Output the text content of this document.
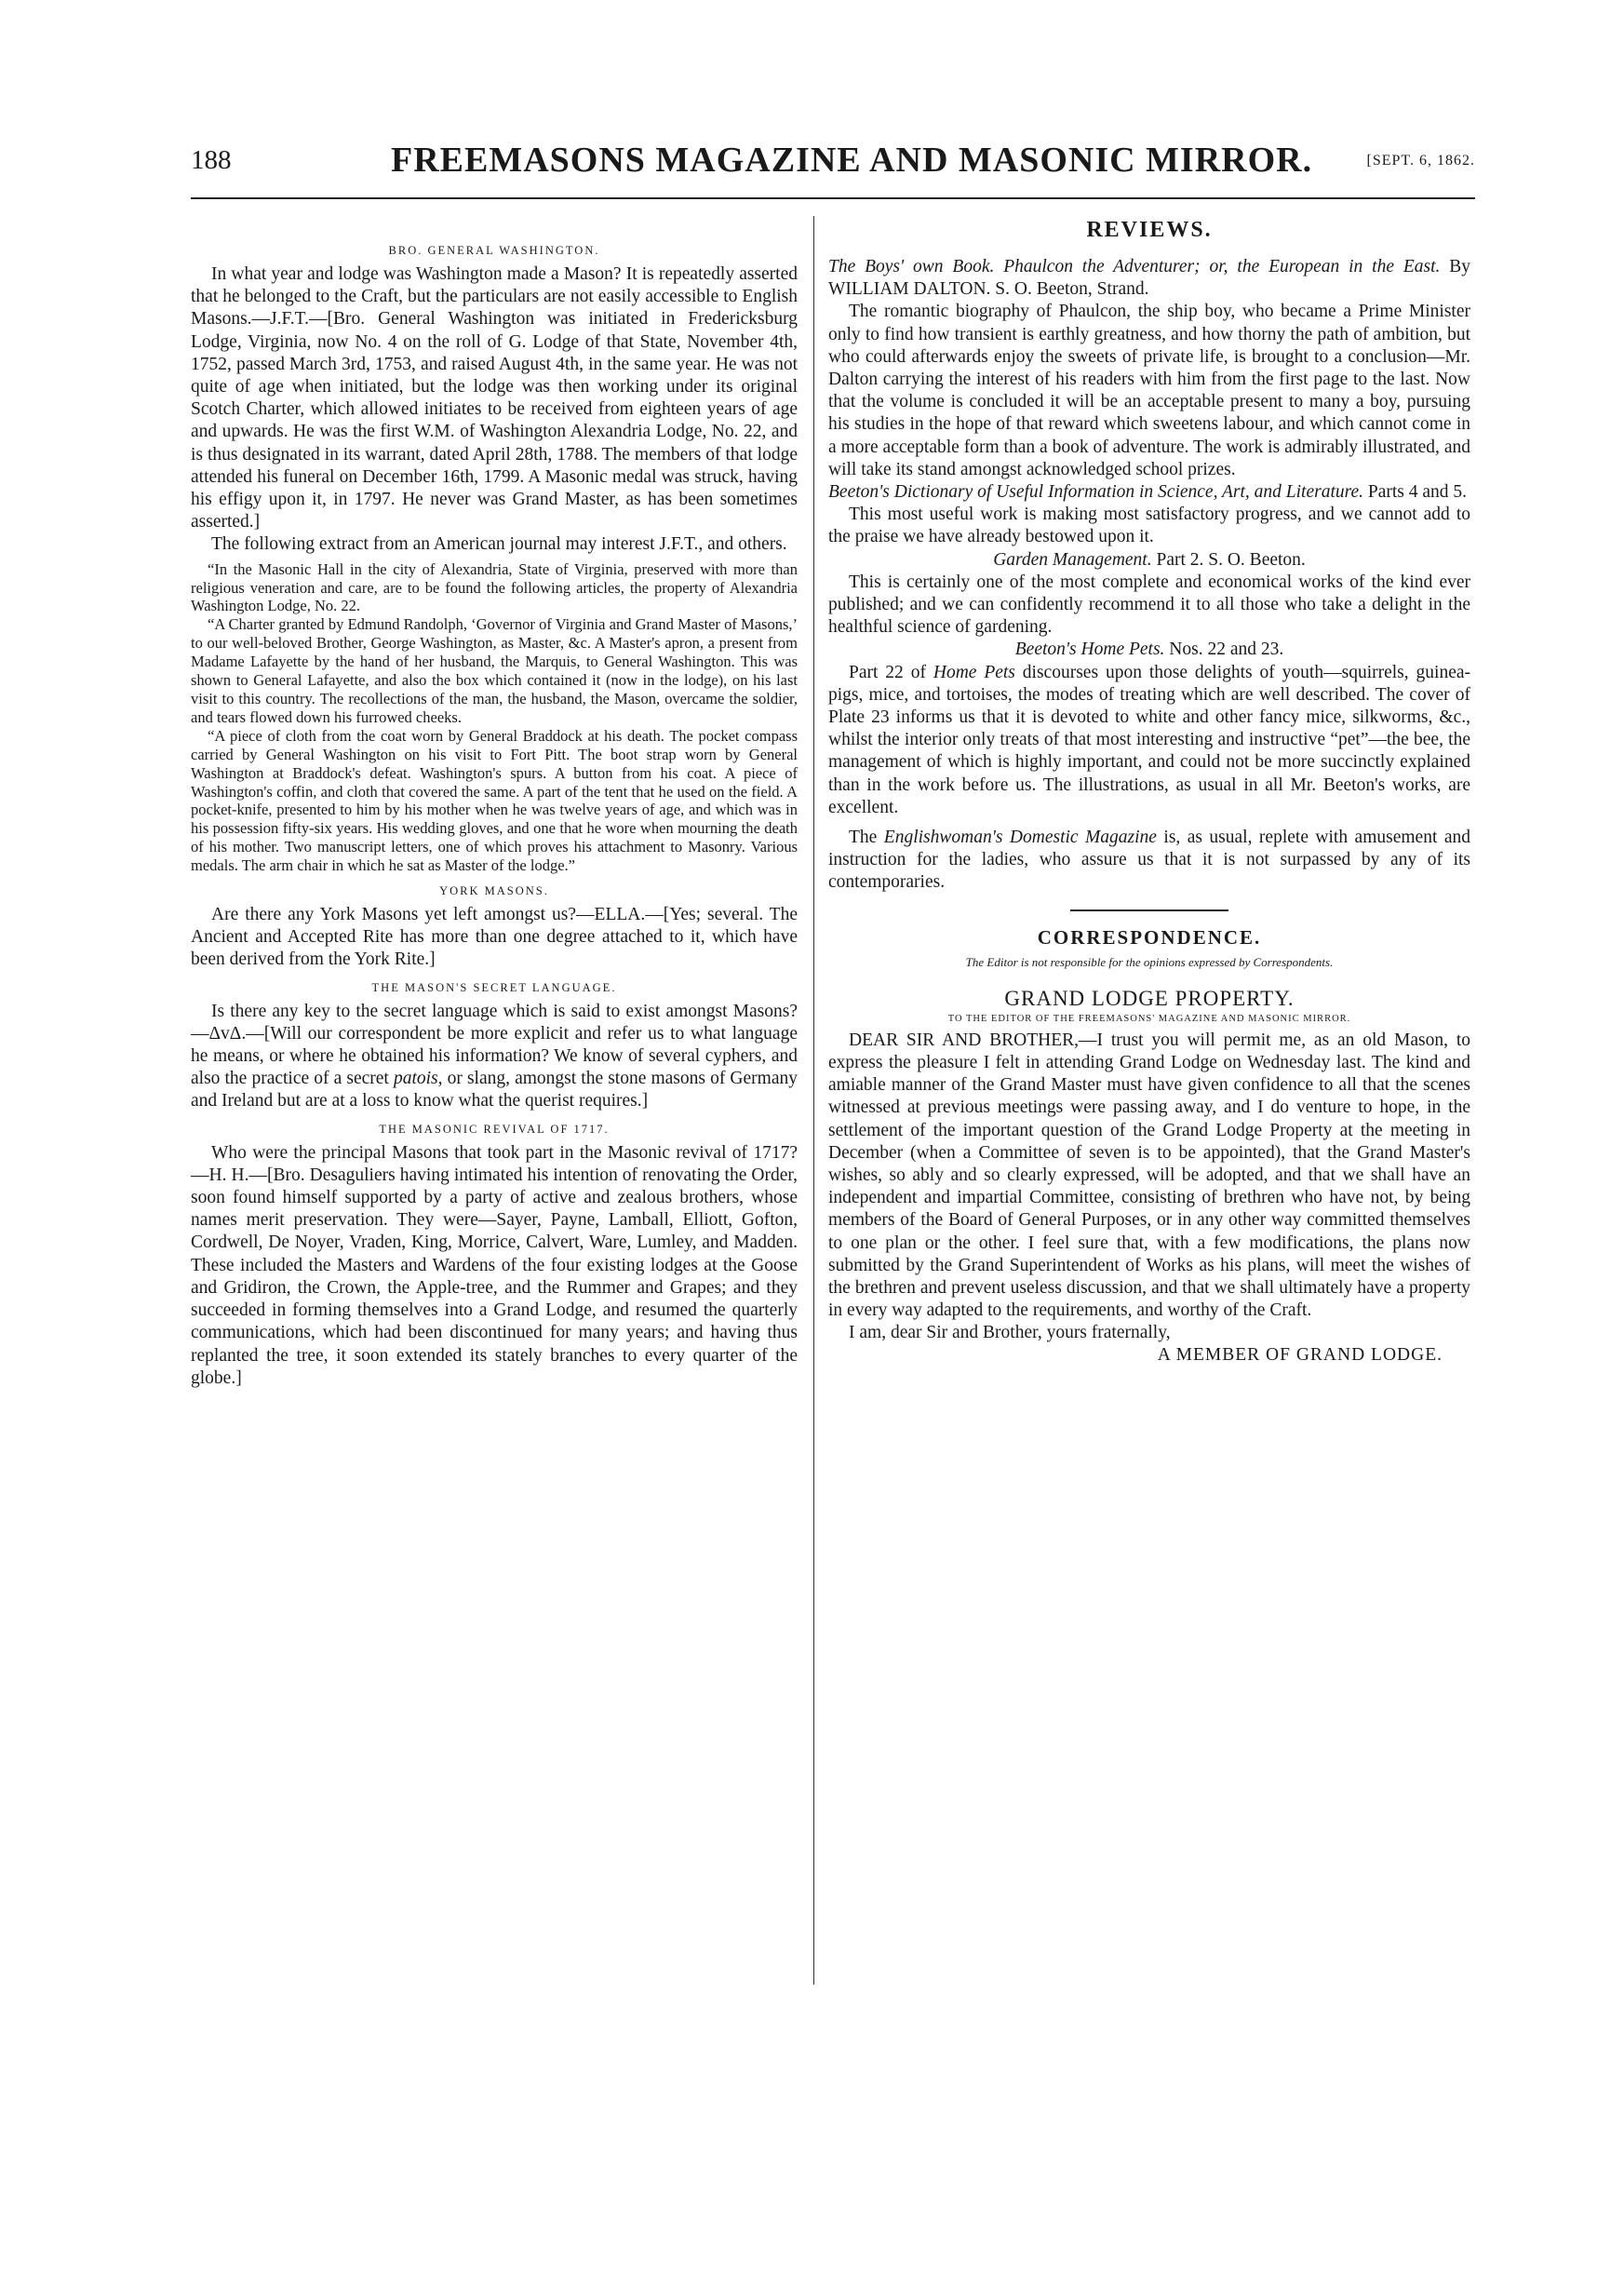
188	FREEMASONS MAGAZINE AND MASONIC MIRROR.	[SEPT. 6, 1862.
BRO. GENERAL WASHINGTON.

In what year and lodge was Washington made a Mason? It is repeatedly asserted that he belonged to the Craft, but the particulars are not easily accessible to English Masons.—J.F.T.—[Bro. General Washington was initiated in Fredericksburg Lodge, Virginia, now No. 4 on the roll of G. Lodge of that State, November 4th, 1752, passed March 3rd, 1753, and raised August 4th, in the same year. He was not quite of age when initiated, but the lodge was then working under its original Scotch Charter, which allowed initiates to be received from eighteen years of age and upwards. He was the first W.M. of Washington Alexandria Lodge, No. 22, and is thus designated in its warrant, dated April 28th, 1788. The members of that lodge attended his funeral on December 16th, 1799. A Masonic medal was struck, having his effigy upon it, in 1797. He never was Grand Master, as has been sometimes asserted.]

The following extract from an American journal may interest J.F.T., and others.

“In the Masonic Hall in the city of Alexandria, State of Virginia, preserved with more than religious veneration and care, are to be found the following articles, the property of Alexandria Washington Lodge, No. 22.

“A Charter granted by Edmund Randolph, ‘Governor of Virginia and Grand Master of Masons,’ to our well-beloved Brother, George Washington, as Master, &c. A Master's apron, a present from Madame Lafayette by the hand of her husband, the Marquis, to General Washington. This was shown to General Lafayette, and also the box which contained it (now in the lodge), on his last visit to this country. The recollections of the man, the husband, the Mason, overcame the soldier, and tears flowed down his furrowed cheeks.

“A piece of cloth from the coat worn by General Braddock at his death. The pocket compass carried by General Washington on his visit to Fort Pitt. The boot strap worn by General Washington at Braddock's defeat. Washington's spurs. A button from his coat. A piece of Washington's coffin, and cloth that covered the same. A part of the tent that he used on the field. A pocket-knife, presented to him by his mother when he was twelve years of age, and which was in his possession fifty-six years. His wedding gloves, and one that he wore when mourning the death of his mother. Two manuscript letters, one of which proves his attachment to Masonry. Various medals. The arm chair in which he sat as Master of the lodge.”

YORK MASONS.

Are there any York Masons yet left amongst us?—ELLA.—[Yes; several. The Ancient and Accepted Rite has more than one degree attached to it, which have been derived from the York Rite.]

THE MASON'S SECRET LANGUAGE.

Is there any key to the secret language which is said to exist amongst Masons?—ΔvΔ.—[Will our correspondent be more explicit and refer us to what language he means, or where he obtained his information? We know of several cyphers, and also the practice of a secret patois, or slang, amongst the stone masons of Germany and Ireland but are at a loss to know what the querist requires.]

THE MASONIC REVIVAL OF 1717.

Who were the principal Masons that took part in the Masonic revival of 1717?—H. H.—[Bro. Desaguliers having intimated his intention of renovating the Order, soon found himself supported by a party of active and zealous brothers, whose names merit preservation. They were—Sayer, Payne, Lamball, Elliott, Gofton, Cordwell, De Noyer, Vraden, King, Morrice, Calvert, Ware, Lumley, and Madden. These included the Masters and Wardens of the four existing lodges at the Goose and Gridiron, the Crown, the Apple-tree, and the Rummer and Grapes; and they succeeded in forming themselves into a Grand Lodge, and resumed the quarterly communications, which had been discontinued for many years; and having thus replanted the tree, it soon extended its stately branches to every quarter of the globe.]

REVIEWS.

The Boys' own Book. Phaulcon the Adventurer; or, the European in the East. By WILLIAM DALTON. S. O. Beeton, Strand.

The romantic biography of Phaulcon, the ship boy, who became a Prime Minister only to find how transient is earthly greatness, and how thorny the path of ambition, but who could afterwards enjoy the sweets of private life, is brought to a conclusion—Mr. Dalton carrying the interest of his readers with him from the first page to the last. Now that the volume is concluded it will be an acceptable present to many a boy, pursuing his studies in the hope of that reward which sweetens labour, and which cannot come in a more acceptable form than a book of adventure. The work is admirably illustrated, and will take its stand amongst acknowledged school prizes.

Beeton's Dictionary of Useful Information in Science, Art, and Literature. Parts 4 and 5.

This most useful work is making most satisfactory progress, and we cannot add to the praise we have already bestowed upon it.

Garden Management. Part 2. S. O. Beeton.

This is certainly one of the most complete and economical works of the kind ever published; and we can confidently recommend it to all those who take a delight in the healthful science of gardening.

Beeton's Home Pets. Nos. 22 and 23.

Part 22 of Home Pets discourses upon those delights of youth—squirrels, guinea-pigs, mice, and tortoises, the modes of treating which are well described. The cover of Plate 23 informs us that it is devoted to white and other fancy mice, silkworms, &c., whilst the interior only treats of that most interesting and instructive “pet”—the bee, the management of which is highly important, and could not be more succinctly explained than in the work before us. The illustrations, as usual in all Mr. Beeton's works, are excellent.

The Englishwoman's Domestic Magazine is, as usual, replete with amusement and instruction for the ladies, who assure us that it is not surpassed by any of its contemporaries.

CORRESPONDENCE.
The Editor is not responsible for the opinions expressed by Correspondents.
GRAND LODGE PROPERTY.
TO THE EDITOR OF THE FREEMASONS' MAGAZINE AND MASONIC MIRROR.

DEAR SIR AND BROTHER,—I trust you will permit me, as an old Mason, to express the pleasure I felt in attending Grand Lodge on Wednesday last. The kind and amiable manner of the Grand Master must have given confidence to all that the scenes witnessed at previous meetings were passing away, and I do venture to hope, in the settlement of the important question of the Grand Lodge Property at the meeting in December (when a Committee of seven is to be appointed), that the Grand Master's wishes, so ably and so clearly expressed, will be adopted, and that we shall have an independent and impartial Committee, consisting of brethren who have not, by being members of the Board of General Purposes, or in any other way committed themselves to one plan or the other. I feel sure that, with a few modifications, the plans now submitted by the Grand Superintendent of Works as his plans, will meet the wishes of the brethren and prevent useless discussion, and that we shall ultimately have a property in every way adapted to the requirements, and worthy of the Craft.

I am, dear Sir and Brother, yours fraternally,

A MEMBER OF GRAND LODGE.
